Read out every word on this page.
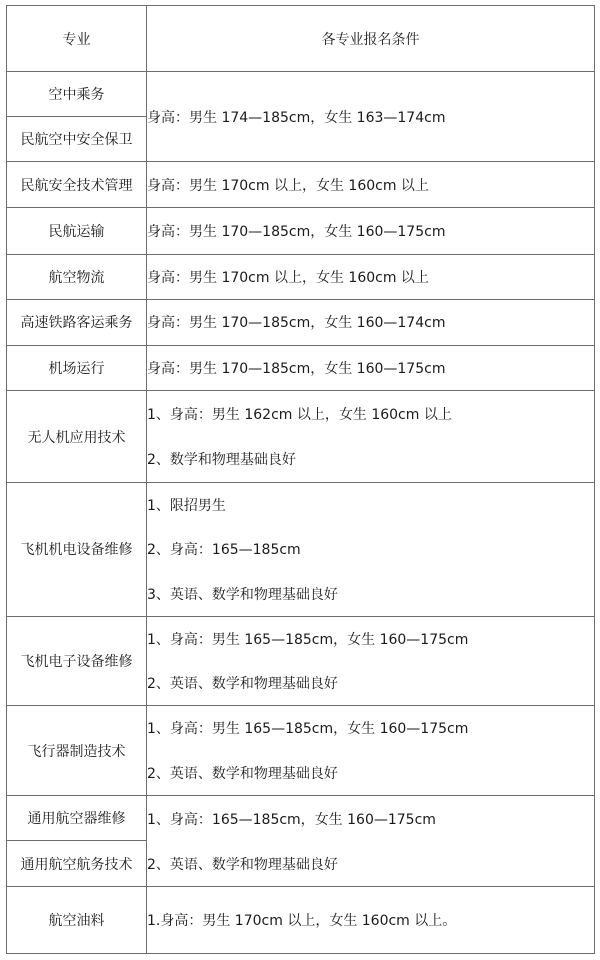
专业	各专业报名条件
空中乘务	身高：男生 174—185cm，女生 163—174cm

民航空中安全保卫	
民航安全技术管理	身高：男生 170cm 以上，女生 160cm 以上

民航运输	身高：男生 170—185cm，女生 160—175cm

航空物流	身高：男生 170cm 以上，女生 160cm 以上

高速铁路客运乘务	身高：男生 170—185cm，女生 160—174cm

机场运行	身高：男生 170—185cm，女生 160—175cm

无人机应用技术	1、身高：男生 162cm 以上，女生 160cm 以上
2、数学和物理基础良好

飞机机电设备维修	1、限招男生
2、身高：165—185cm
3、英语、数学和物理基础良好

飞机电子设备维修	1、身高：男生 165—185cm，女生 160—175cm
2、英语、数学和物理基础良好

飞行器制造技术	1、身高：男生 165—185cm，女生 160—175cm
2、英语、数学和物理基础良好

通用航空器维修	1、身高：165—185cm，女生 160—175cm
2、英语、数学和物理基础良好

通用航空航务技术	
航空油料	1.身高：男生 170cm 以上，女生 160cm 以上。
